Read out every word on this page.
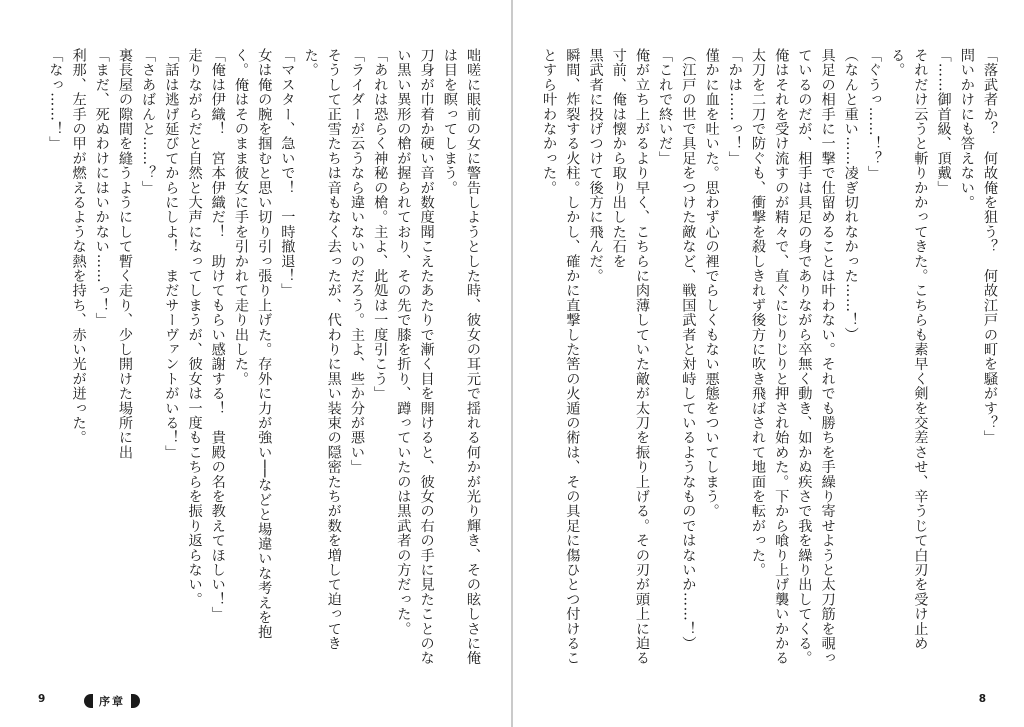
咄嗟に眼前の女に警告しようとした時、彼女の耳元で揺れる何かが光り輝き、その眩しさに俺は目を瞑ってしまう。

刀身が巾着か硬い音が数度聞こえたあたりで漸く目を開けると、彼女の右の手に見たことのない黒い異形の槍が握られており、その先で膝を折り、蹲っていたのは黒武者の方だった。

「あれは恐らく神秘の槍。主よ、此処は一度引こう」

「ライダーが云うなら違いないのだろう。主よ、些か分が悪い」

そうして正雪たちは音もなく去ったが、代わりに黒い装束の隠密たちが数を増して迫ってきた。

「マスター、急いで！　一時撤退！」

女は俺の腕を掴むと思い切り引っ張り上げた。存外に力が強い──などと場違いな考えを抱く。俺はそのまま彼女に手を引かれて走り出した。

「俺は伊織！　宮本伊織だ！　助けてもらい感謝する！　貴殿の名を教えてほしい！」

走りながらだと自然と大声になってしまうが、彼女は一度もこちらを振り返らない。

「話は逃げ延びてからにしよ！　まだサーヴァントがいる！」

「さあばんと……？」

裏長屋の隙間を縫うようにして暫く走り、少し開けた場所に出

「まだ、死ぬわけにはいかない……っ！」

利那、左手の甲が燃えるような熱を持ち、赤い光が迸った。

「なっ……！」

9	序章

「落武者か？　何故俺を狙う？　何故江戸の町を騒がす？」

問いかけにも答えない。

「……御首級、頂戴」

それだけ云うと斬りかかってきた。こちらも素早く剣を交差させ、辛うじて白刃を受け止める。

「ぐうっ……！？」

（なんと重い……凌ぎ切れなかった……！）

具足の相手に一撃で仕留めることは叶わない。それでも勝ちを手繰り寄せようと太刀筋を覗っているのだが、相手は具足の身でありながら卒無く動き、如かぬ疾さで我を繰り出してくる。俺はそれを受け流すのが精々で、直ぐにじりじりと押され始めた。下から喰り上げ襲いかかる太刀を二刀で防ぐも、衝撃を殺しきれず後方に吹き飛ばされて地面を転がった。

「かは……っ！」

僅かに血を吐いた。思わず心の裡でらしくもない悪態をついてしまう。

（江戸の世で具足をつけた敵など、戦国武者と対峙しているようなものではないか……！）

「これで終いだ」

俺が立ち上がるより早く、こちらに肉薄していた敵が太刀を振り上げる。その刃が頭上に迫る寸前、俺は懐から取り出した石を

黒武者に投げつけて後方に飛んだ。

瞬間、炸裂する火柱。しかし、確かに直撃した筈の火遁の術は、その具足に傷ひとつ付けることすら叶わなかった。

8
